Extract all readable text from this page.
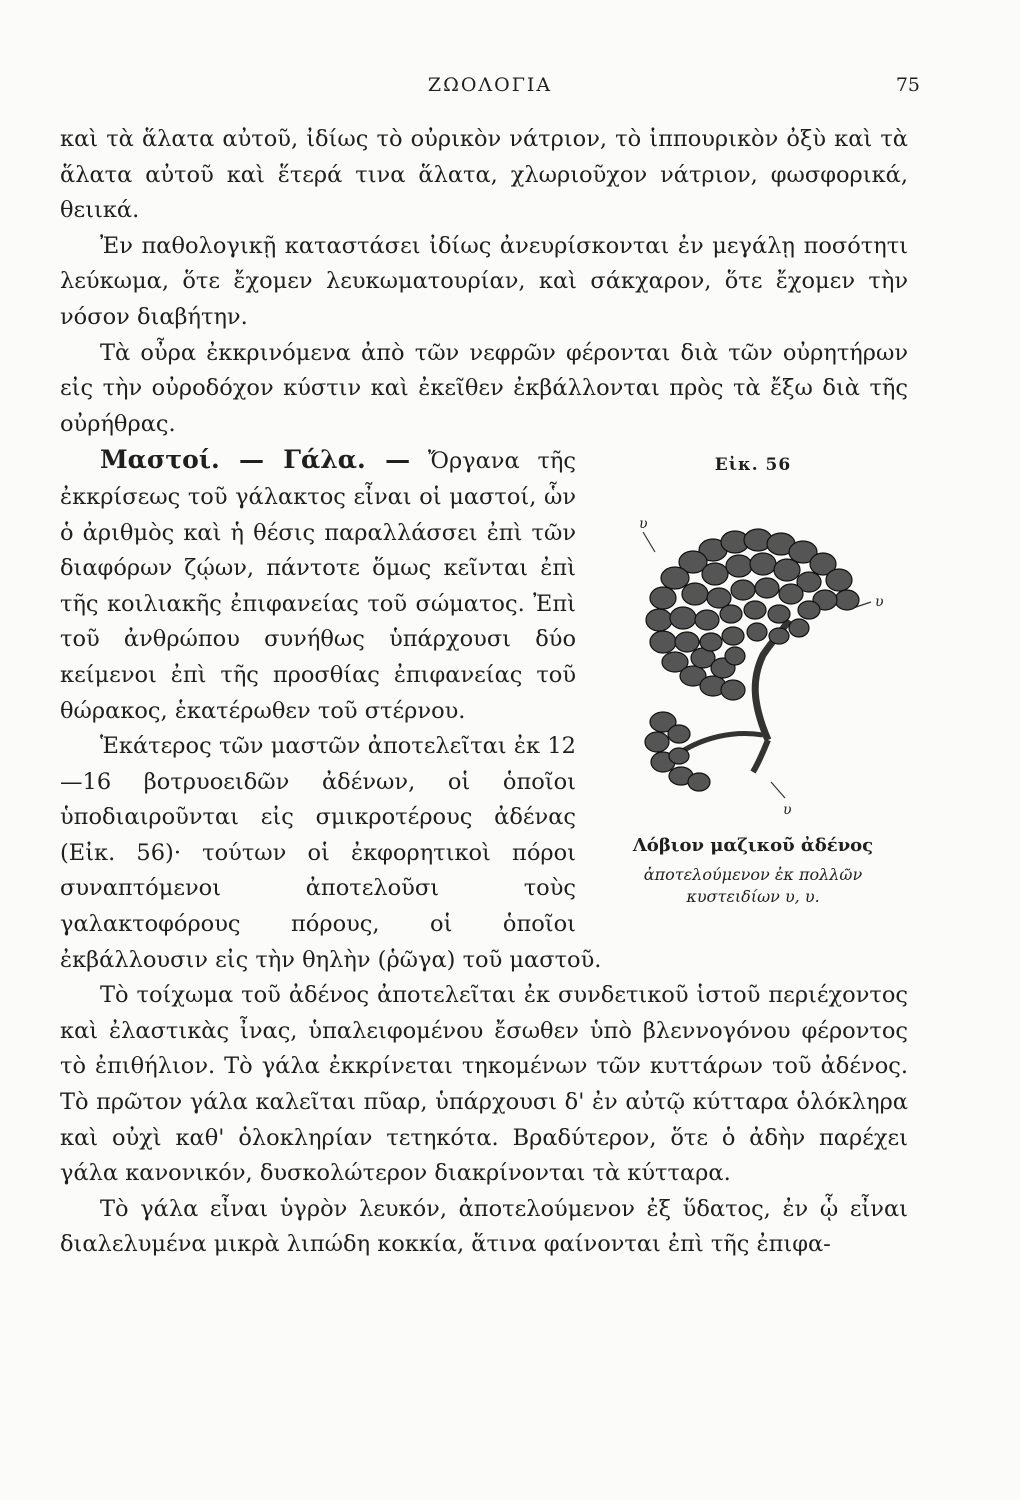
ΖΩΟΛΟΓΙΑ	75

καὶ τὰ ἅλατα αὐτοῦ, ἰδίως τὸ οὐρικὸν νάτριον, τὸ ἱππουρικὸν ὀξὺ καὶ τὰ ἅλατα αὐτοῦ καὶ ἕτερά τινα ἅλατα, χλωριοῦχον νάτριον, φωσφορικά, θειικά.

Ἐν παθολογικῇ καταστάσει ἰδίως ἀνευρίσκονται ἐν μεγάλῃ ποσότητι λεύκωμα, ὅτε ἔχομεν λευκωματουρίαν, καὶ σάκχαρον, ὅτε ἔχομεν τὴν νόσον διαβήτην.

Τὰ οὖρα ἐκκρινόμενα ἀπὸ τῶν νεφρῶν φέρονται διὰ τῶν οὐρητήρων εἰς τὴν οὐροδόχον κύστιν καὶ ἐκεῖθεν ἐκβάλλονται πρὸς τὰ ἔξω διὰ τῆς οὐρήθρας.

Εἰκ. 56
υ
υ
υ
Λόβιον μαζικοῦ ἀδένος
ἀποτελούμενον ἐκ πολλῶν κυστειδίων υ, υ.

Μαστοί. — Γάλα. — Ὄργανα τῆς ἐκκρίσεως τοῦ γάλακτος εἶναι οἱ μαστοί, ὧν ὁ ἀριθμὸς καὶ ἡ θέσις παραλλάσσει ἐπὶ τῶν διαφόρων ζῴων, πάντοτε ὅμως κεῖνται ἐπὶ τῆς κοιλιακῆς ἐπιφανείας τοῦ σώματος. Ἐπὶ τοῦ ἀνθρώπου συνήθως ὑπάρχουσι δύο κείμενοι ἐπὶ τῆς προσθίας ἐπιφανείας τοῦ θώρακος, ἑκατέρωθεν τοῦ στέρνου.

Ἑκάτερος τῶν μαστῶν ἀποτελεῖται ἐκ 12—16 βοτρυοειδῶν ἀδένων, οἱ ὁποῖοι ὑποδιαιροῦνται εἰς σμικροτέρους ἀδένας (Εἰκ. 56)· τούτων οἱ ἐκφορητικοὶ πόροι συναπτόμενοι ἀποτελοῦσι τοὺς γαλακτοφόρους πόρους, οἱ ὁποῖοι ἐκβάλλουσιν εἰς τὴν θηλὴν (ῥῶγα) τοῦ μαστοῦ.

Τὸ τοίχωμα τοῦ ἀδένος ἀποτελεῖται ἐκ συνδετικοῦ ἱστοῦ περιέχοντος καὶ ἐλαστικὰς ἶνας, ὑπαλειφομένου ἔσωθεν ὑπὸ βλεννογόνου φέροντος τὸ ἐπιθήλιον. Τὸ γάλα ἐκκρίνεται τηκομένων τῶν κυττάρων τοῦ ἀδένος. Τὸ πρῶτον γάλα καλεῖται πῦαρ, ὑπάρχουσι δ' ἐν αὐτῷ κύτταρα ὁλόκληρα καὶ οὐχὶ καθ' ὁλοκληρίαν τετηκότα. Βραδύτερον, ὅτε ὁ ἀδὴν παρέχει γάλα κανονικόν, δυσκολώτερον διακρίνονται τὰ κύτταρα.

Τὸ γάλα εἶναι ὑγρὸν λευκόν, ἀποτελούμενον ἐξ ὕδατος, ἐν ᾧ εἶναι διαλελυμένα μικρὰ λιπώδη κοκκία, ἅτινα φαίνονται ἐπὶ τῆς ἐπιφα-
